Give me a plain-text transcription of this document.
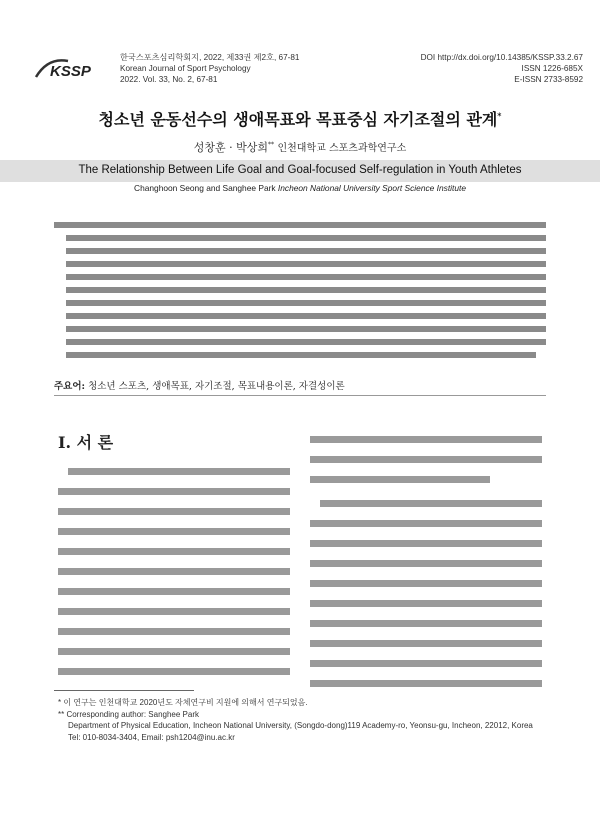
KSSP
한국스포츠심리학회지, 2022, 제33권 제2호, 67-81
Korean Journal of Sport Psychology
2022. Vol. 33, No. 2, 67-81
DOI http://dx.doi.org/10.14385/KSSP.33.2.67
ISSN 1226-685X
E-ISSN 2733-8592
청소년 운동선수의 생애목표와 목표중심 자기조절의 관계*
성창훈 · 박상희** 인천대학교 스포츠과학연구소
The Relationship Between Life Goal and Goal-focused Self-regulation in Youth Athletes
Changhoon Seong and Sanghee Park Incheon National University Sport Science Institute
주요어: 청소년 스포츠, 생애목표, 자기조절, 목표내용이론, 자결성이론
I. 서 론
* 이 연구는 인천대학교 2020년도 자체연구비 지원에 의해서 연구되었음.
** Corresponding author: Sanghee Park
Department of Physical Education, Incheon National University, (Songdo-dong)119 Academy-ro, Yeonsu-gu, Incheon, 22012, Korea
Tel: 010-8034-3404, Email: psh1204@inu.ac.kr
